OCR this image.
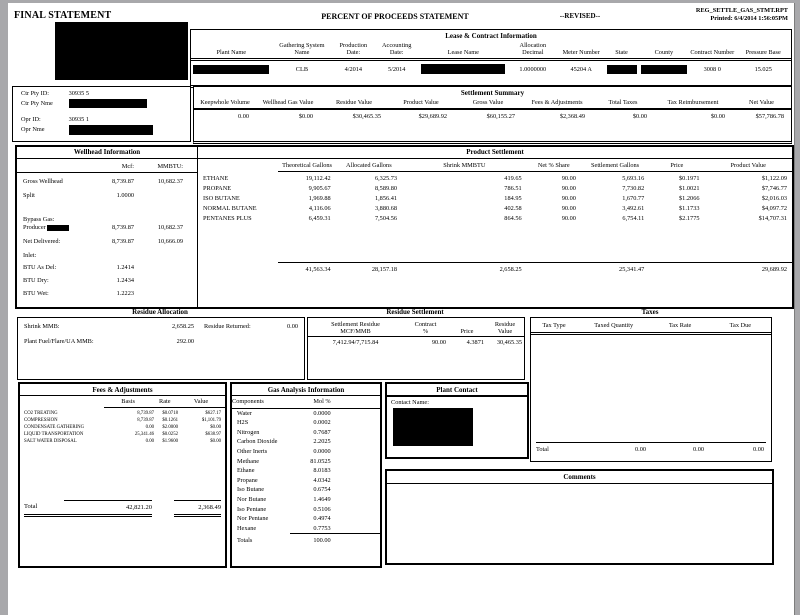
FINAL STATEMENT	PERCENT OF PROCEEDS STATEMENT	--REVISED--
REG_SETTLE_GAS_STMT.RPT
Printed: 6/4/2014 1:56:05PM
Lease & Contract Information
Plant Name	Gathering System Name	Production Date:	Accounting Date:	Lease Name	Allocation Decimal	Meter Number	State	County	Contract Number	Pressure Base
	CLB	4/2014	5/2014		1.0000000	45204 A			3008 0	15.025
Ctr Pty ID:	30935 5
Ctr Pty Nme
Opr ID:	30935 1
Opr Nme
Settlement Summary
Keepwhole Volume	Wellhead Gas Value	Residue Value	Product Value	Gross Value	Fees & Adjustments	Total Taxes	Tax Reimbursement	Net Value
0.00	$0.00	$30,465.35	$29,689.92	$60,155.27	$2,368.49	$0.00	$0.00	$57,786.78
Wellhead Information
Mcf:	MMBTU:
Gross Wellhead	8,739.87	10,682.37
Split	1.0000
Bypass Gas:
Producer	8,739.87	10,682.37
Net Delivered:	8,739.87	10,666.09
Inlet:
BTU As Del:	1.2414
BTU Dry:	1.2434
BTU Wet:	1.2223
Product Settlement
	Theoretical Gallons	Allocated Gallons	Shrink MMBTU	Net % Share	Settlement Gallons	Price	Product Value
ETHANE	19,112.42	6,325.73	419.65	90.00	5,693.16	$0.1971	$1,122.09
PROPANE	9,905.67	8,589.80	786.51	90.00	7,730.82	$1.0021	$7,746.77
ISO BUTANE	1,969.88	1,856.41	184.95	90.00	1,670.77	$1.2066	$2,016.03
NORMAL BUTANE	4,116.06	3,880.68	402.58	90.00	3,492.61	$1.1733	$4,097.72
PENTANES PLUS	6,459.31	7,504.56	864.56	90.00	6,754.11	$2.1775	$14,707.31

	41,563.34	28,157.18	2,658.25		25,341.47		29,689.92
Residue Allocation	Residue Settlement	Taxes
Shrink MMB:	2,658.25 Residue Returned:	0.00
Plant Fuel/Flare/UA MMB:	292.00
Settlement Residue
MCF/MMB

Contract
%	Price

Residue
Value

7,412.94/7,715.84	90.00	4.3871	30,465.35
Tax Type	Taxed Quantity	Tax Rate	Tax Due
Total	0.00	0.00	0.00
Fees & Adjustments
	Basis	Rate	Value
CO2 TREATING	8,739.87	$0.0718	$627.17
COMPRESSION	8,739.87	$0.1261	$1,101.79
CONDENSATE GATHERING	0.00	$2.0000	$0.00
LIQUID TRANSPORTATION	25,341.46	$0.0252	$638.97
SALT WATER DISPOSAL	0.00	$1.9600	$0.00
Total	42,821.20	2,368.49
Gas Analysis Information
Components	Mol %	
Water	0.0000	
H2S	0.0002	
Nitrogen	0.7687	
Carbon Dioxide	2.2025	
Other Inerts	0.0000	
Methane	81.0525	
Ethane	8.0183	
Propane	4.0342	
Iso Butane	0.6754	
Nor Butane	1.4649	
Iso Pentane	0.5106	
Nor Pentane	0.4974	
Hexane	0.7753	
Totals	100.00	
Plant Contact
Contact Name:
Comments
